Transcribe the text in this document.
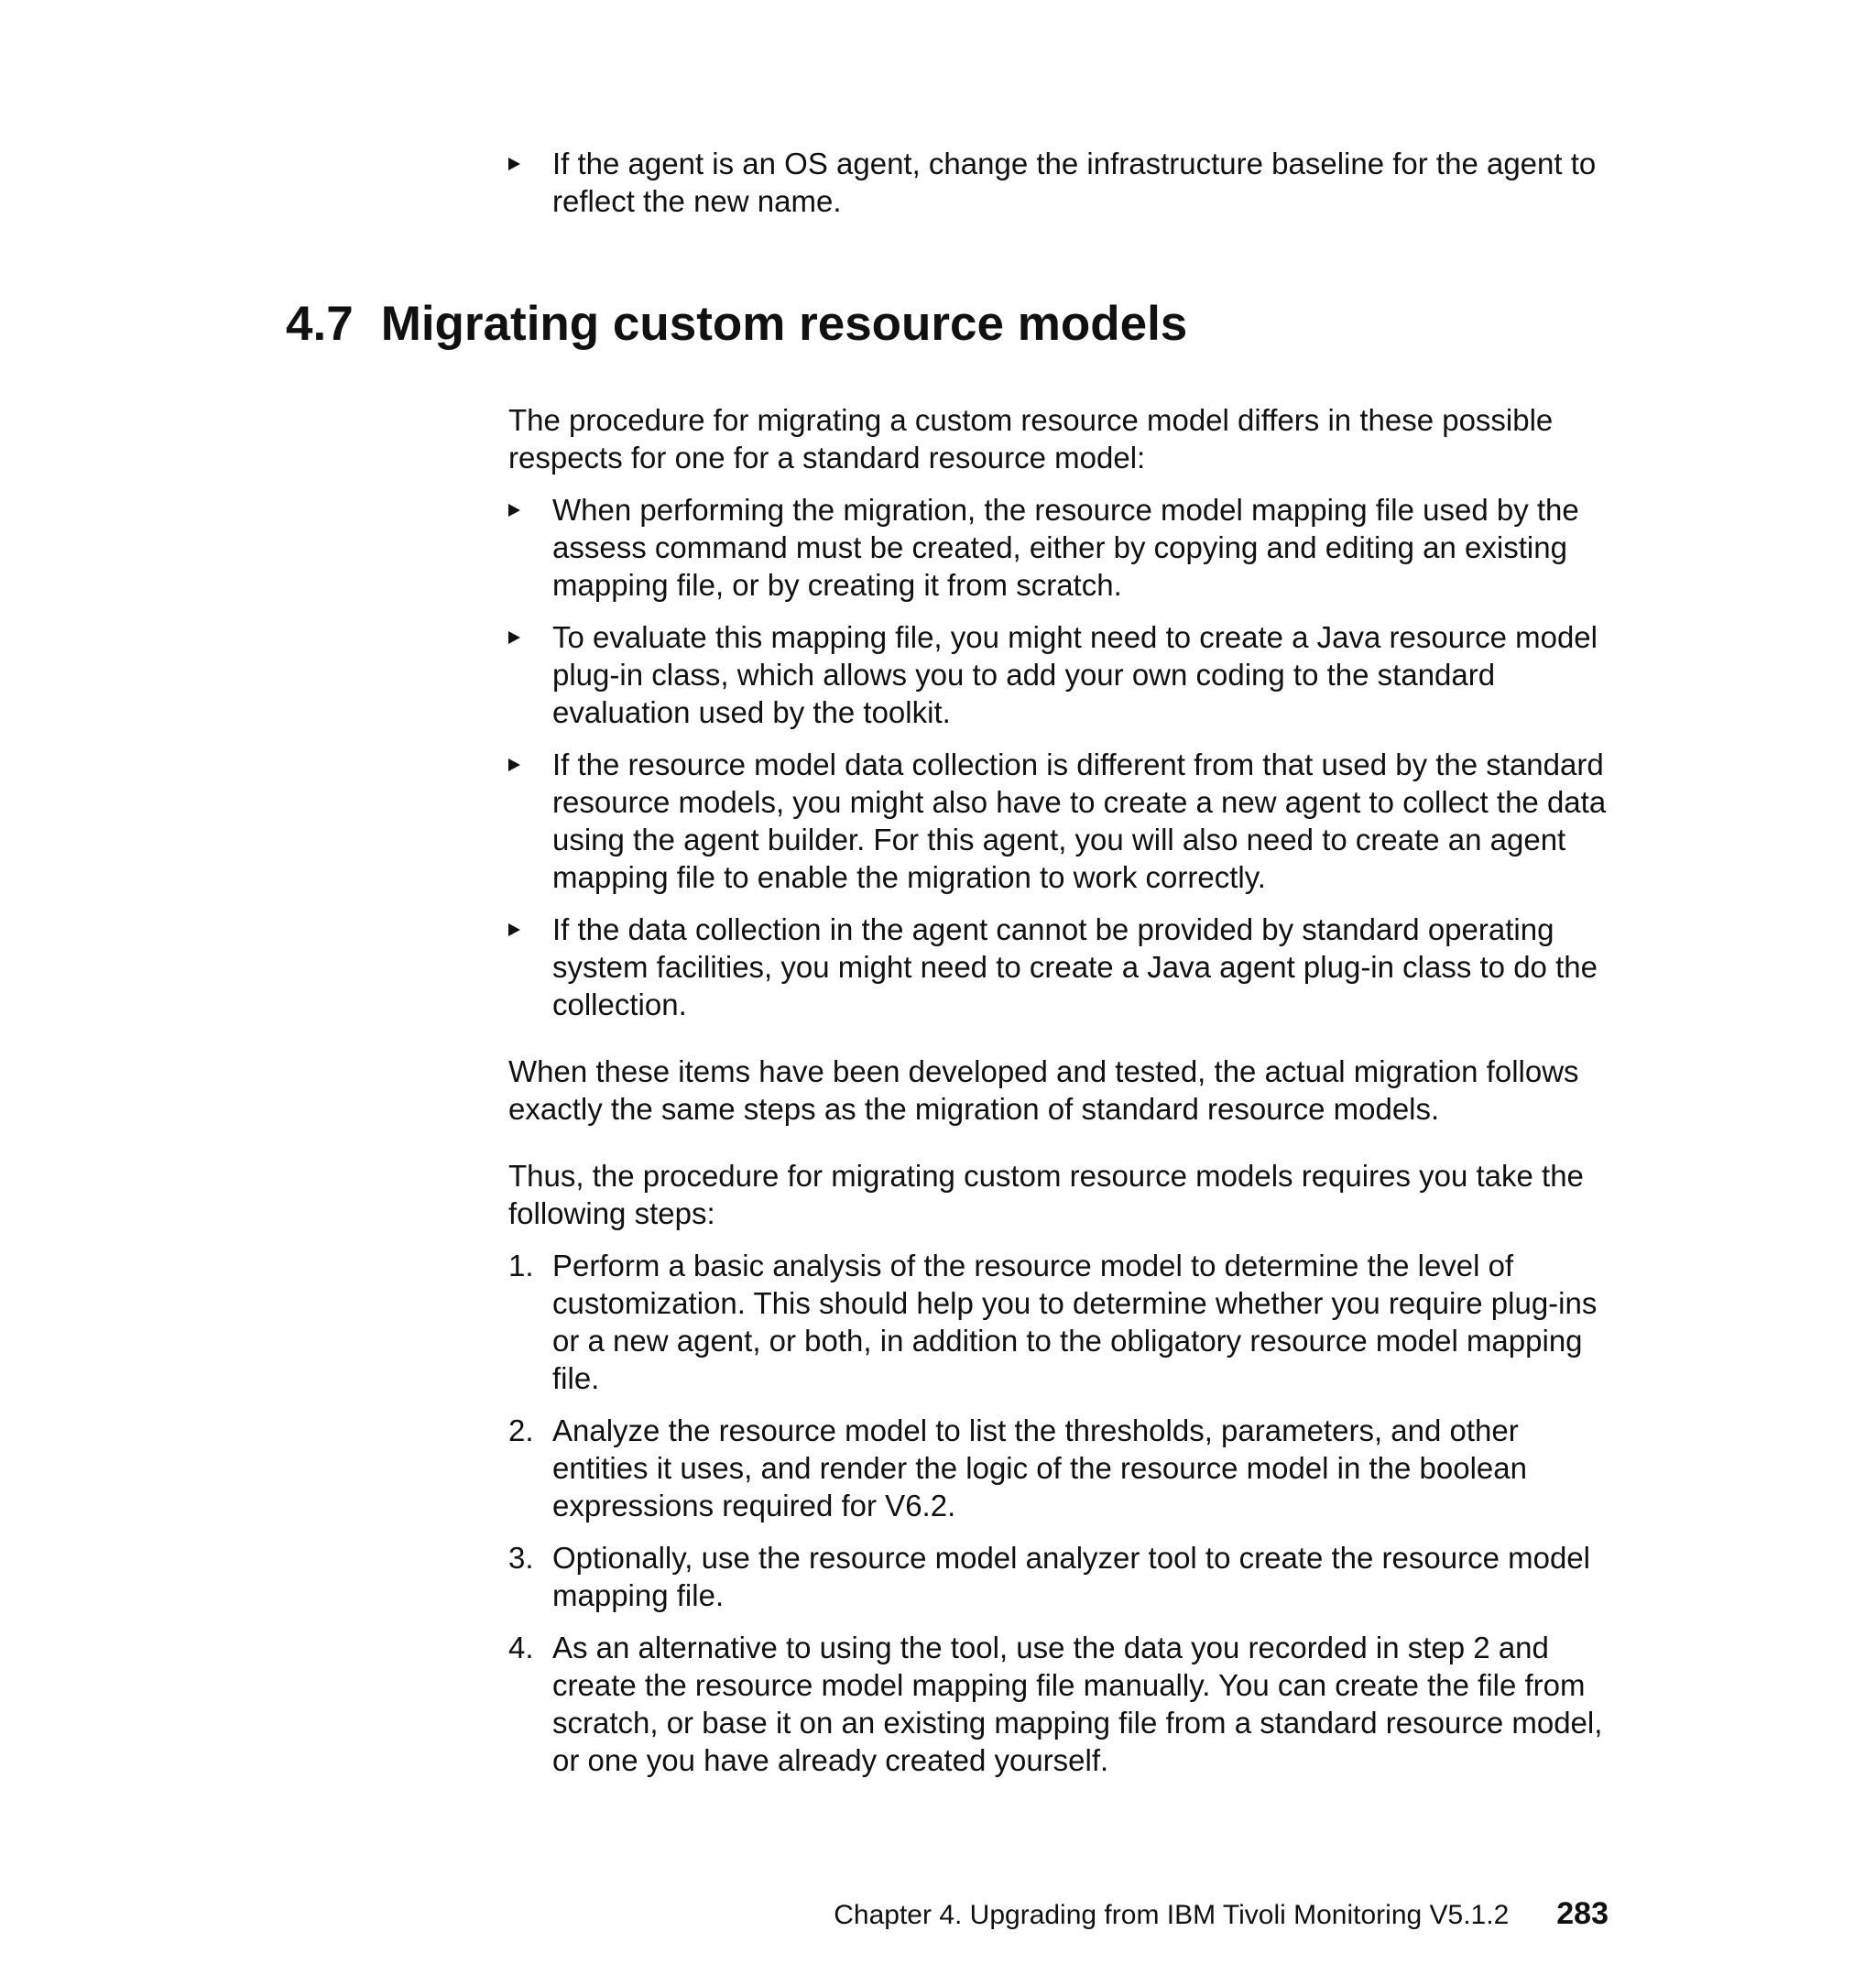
If the agent is an OS agent, change the infrastructure baseline for the agent to reflect the new name.

4.7 Migrating custom resource models

The procedure for migrating a custom resource model differs in these possible respects for one for a standard resource model:

When performing the migration, the resource model mapping file used by the assess command must be created, either by copying and editing an existing mapping file, or by creating it from scratch.

To evaluate this mapping file, you might need to create a Java resource model plug-in class, which allows you to add your own coding to the standard evaluation used by the toolkit.

If the resource model data collection is different from that used by the standard resource models, you might also have to create a new agent to collect the data using the agent builder. For this agent, you will also need to create an agent mapping file to enable the migration to work correctly.

If the data collection in the agent cannot be provided by standard operating system facilities, you might need to create a Java agent plug-in class to do the collection.

When these items have been developed and tested, the actual migration follows exactly the same steps as the migration of standard resource models.

Thus, the procedure for migrating custom resource models requires you take the following steps:

1. Perform a basic analysis of the resource model to determine the level of customization. This should help you to determine whether you require plug-ins or a new agent, or both, in addition to the obligatory resource model mapping file.

2. Analyze the resource model to list the thresholds, parameters, and other entities it uses, and render the logic of the resource model in the boolean expressions required for V6.2.

3. Optionally, use the resource model analyzer tool to create the resource model mapping file.

4. As an alternative to using the tool, use the data you recorded in step 2 and create the resource model mapping file manually. You can create the file from scratch, or base it on an existing mapping file from a standard resource model, or one you have already created yourself.

Chapter 4. Upgrading from IBM Tivoli Monitoring V5.1.2 283
